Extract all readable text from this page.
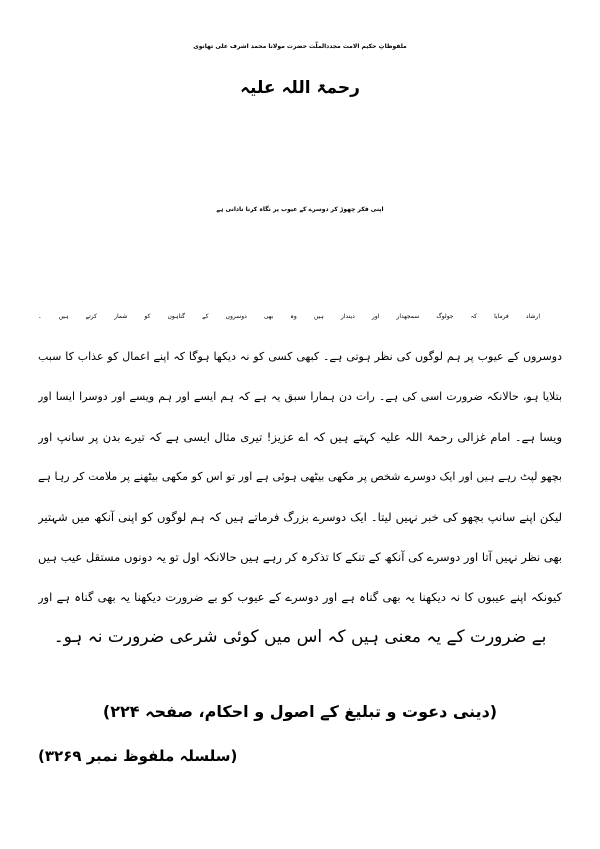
ملفوظاتِ حکیم الامت مجددالملّت حضرت مولانا محمد اشرف علی تھانوی
رحمۃ اللہ علیہ
اپنی فکر چھوڑ کر دوسرے کے عیوب پر نگاہ کرنا نادانی ہے
ارشاد فرمایا کہ جولوگ سمجھدار اور دیندار ہیں وہ بھی دوسروں کے گناہوں کو شمار کرتے ہیں ۔
دوسروں کے عیوب پر ہم لوگوں کی نظر ہوتی ہے۔ کبھی کسی کو نہ دیکھا ہوگا کہ اپنے اعمال کو عذاب کا سبب
بتلایا ہو، حالانکہ ضرورت اسی کی ہے۔ رات دن ہمارا سبق یہ ہے کہ ہم ایسے اور ہم ویسے اور دوسرا ایسا اور
ویسا ہے۔ امام غزالی رحمۃ اللہ علیہ کہتے ہیں کہ اے عزیز! تیری مثال ایسی ہے کہ تیرے بدن پر سانپ اور
بچھو لپٹ رہے ہیں اور ایک دوسرے شخص پر مکھی بیٹھی ہوئی ہے اور تو اس کو مکھی بیٹھنے پر ملامت کر رہا ہے
لیکن اپنے سانپ بچھو کی خبر نہیں لیتا۔ ایک دوسرے بزرگ فرماتے ہیں کہ ہم لوگوں کو اپنی آنکھ میں شہتیر
بھی نظر نہیں آتا اور دوسرے کی آنکھ کے تنکے کا تذکرہ کر رہے ہیں حالانکہ اول تو یہ دونوں مستقل عیب ہیں
کیونکہ اپنے عیبوں کا نہ دیکھنا یہ بھی گناہ ہے اور دوسرے کے عیوب کو بے ضرورت دیکھنا یہ بھی گناہ ہے اور
بے ضرورت کے یہ معنی ہیں کہ اس میں کوئی شرعی ضرورت نہ ہو۔
(دینی دعوت و تبلیغ کے اصول و احکام، صفحہ ۲۲۴)
(سلسلہ ملفوظ نمبر ۳۲۶۹)
